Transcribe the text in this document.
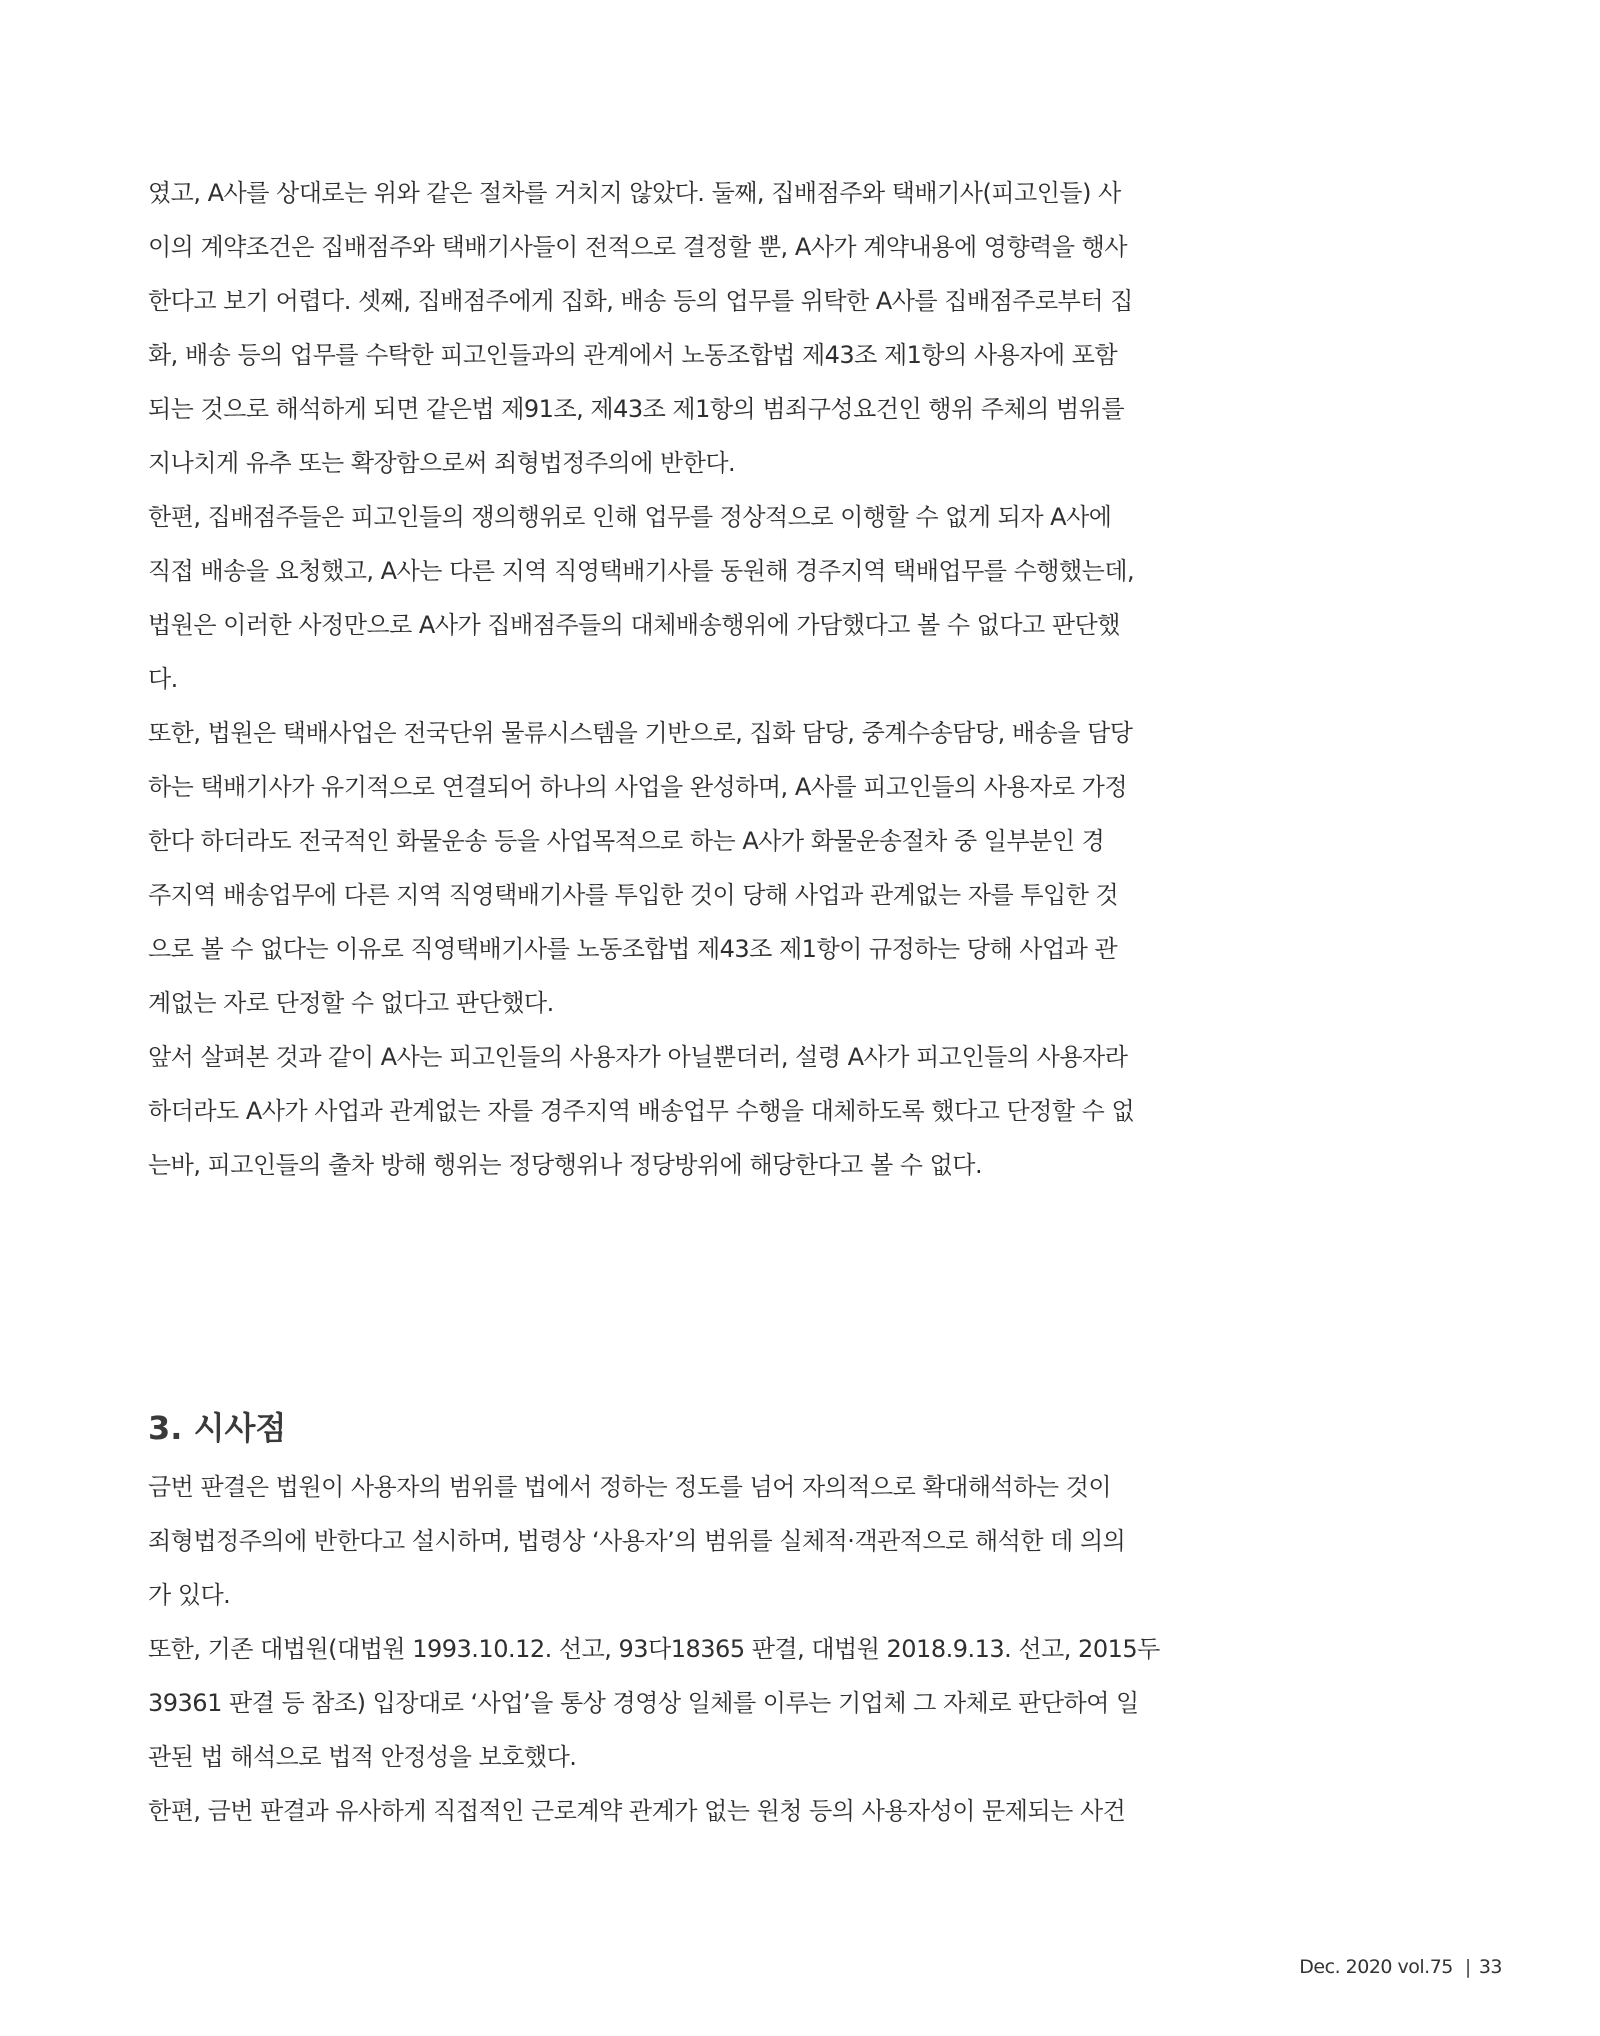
였고, A사를 상대로는 위와 같은 절차를 거치지 않았다. 둘째, 집배점주와 택배기사(피고인들) 사
이의 계약조건은 집배점주와 택배기사들이 전적으로 결정할 뿐, A사가 계약내용에 영향력을 행사
한다고 보기 어렵다. 셋째, 집배점주에게 집화, 배송 등의 업무를 위탁한 A사를 집배점주로부터 집
화, 배송 등의 업무를 수탁한 피고인들과의 관계에서 노동조합법 제43조 제1항의 사용자에 포함
되는 것으로 해석하게 되면 같은법 제91조, 제43조 제1항의 범죄구성요건인 행위 주체의 범위를
지나치게 유추 또는 확장함으로써 죄형법정주의에 반한다.
한편, 집배점주들은 피고인들의 쟁의행위로 인해 업무를 정상적으로 이행할 수 없게 되자 A사에
직접 배송을 요청했고, A사는 다른 지역 직영택배기사를 동원해 경주지역 택배업무를 수행했는데,
법원은 이러한 사정만으로 A사가 집배점주들의 대체배송행위에 가담했다고 볼 수 없다고 판단했
다.
또한, 법원은 택배사업은 전국단위 물류시스템을 기반으로, 집화 담당, 중계수송담당, 배송을 담당
하는 택배기사가 유기적으로 연결되어 하나의 사업을 완성하며, A사를 피고인들의 사용자로 가정
한다 하더라도 전국적인 화물운송 등을 사업목적으로 하는 A사가 화물운송절차 중 일부분인 경
주지역 배송업무에 다른 지역 직영택배기사를 투입한 것이 당해 사업과 관계없는 자를 투입한 것
으로 볼 수 없다는 이유로 직영택배기사를 노동조합법 제43조 제1항이 규정하는 당해 사업과 관
계없는 자로 단정할 수 없다고 판단했다.
앞서 살펴본 것과 같이 A사는 피고인들의 사용자가 아닐뿐더러, 설령 A사가 피고인들의 사용자라
하더라도 A사가 사업과 관계없는 자를 경주지역 배송업무 수행을 대체하도록 했다고 단정할 수 없
는바, 피고인들의 출차 방해 행위는 정당행위나 정당방위에 해당한다고 볼 수 없다.
3. 시사점
금번 판결은 법원이 사용자의 범위를 법에서 정하는 정도를 넘어 자의적으로 확대해석하는 것이
죄형법정주의에 반한다고 설시하며, 법령상 ‘사용자’의 범위를 실체적·객관적으로 해석한 데 의의
가 있다.
또한, 기존 대법원(대법원 1993.10.12. 선고, 93다18365 판결, 대법원 2018.9.13. 선고, 2015두
39361 판결 등 참조) 입장대로 ‘사업’을 통상 경영상 일체를 이루는 기업체 그 자체로 판단하여 일
관된 법 해석으로 법적 안정성을 보호했다.
한편, 금번 판결과 유사하게 직접적인 근로계약 관계가 없는 원청 등의 사용자성이 문제되는 사건
Dec. 2020 vol.75 | 33
